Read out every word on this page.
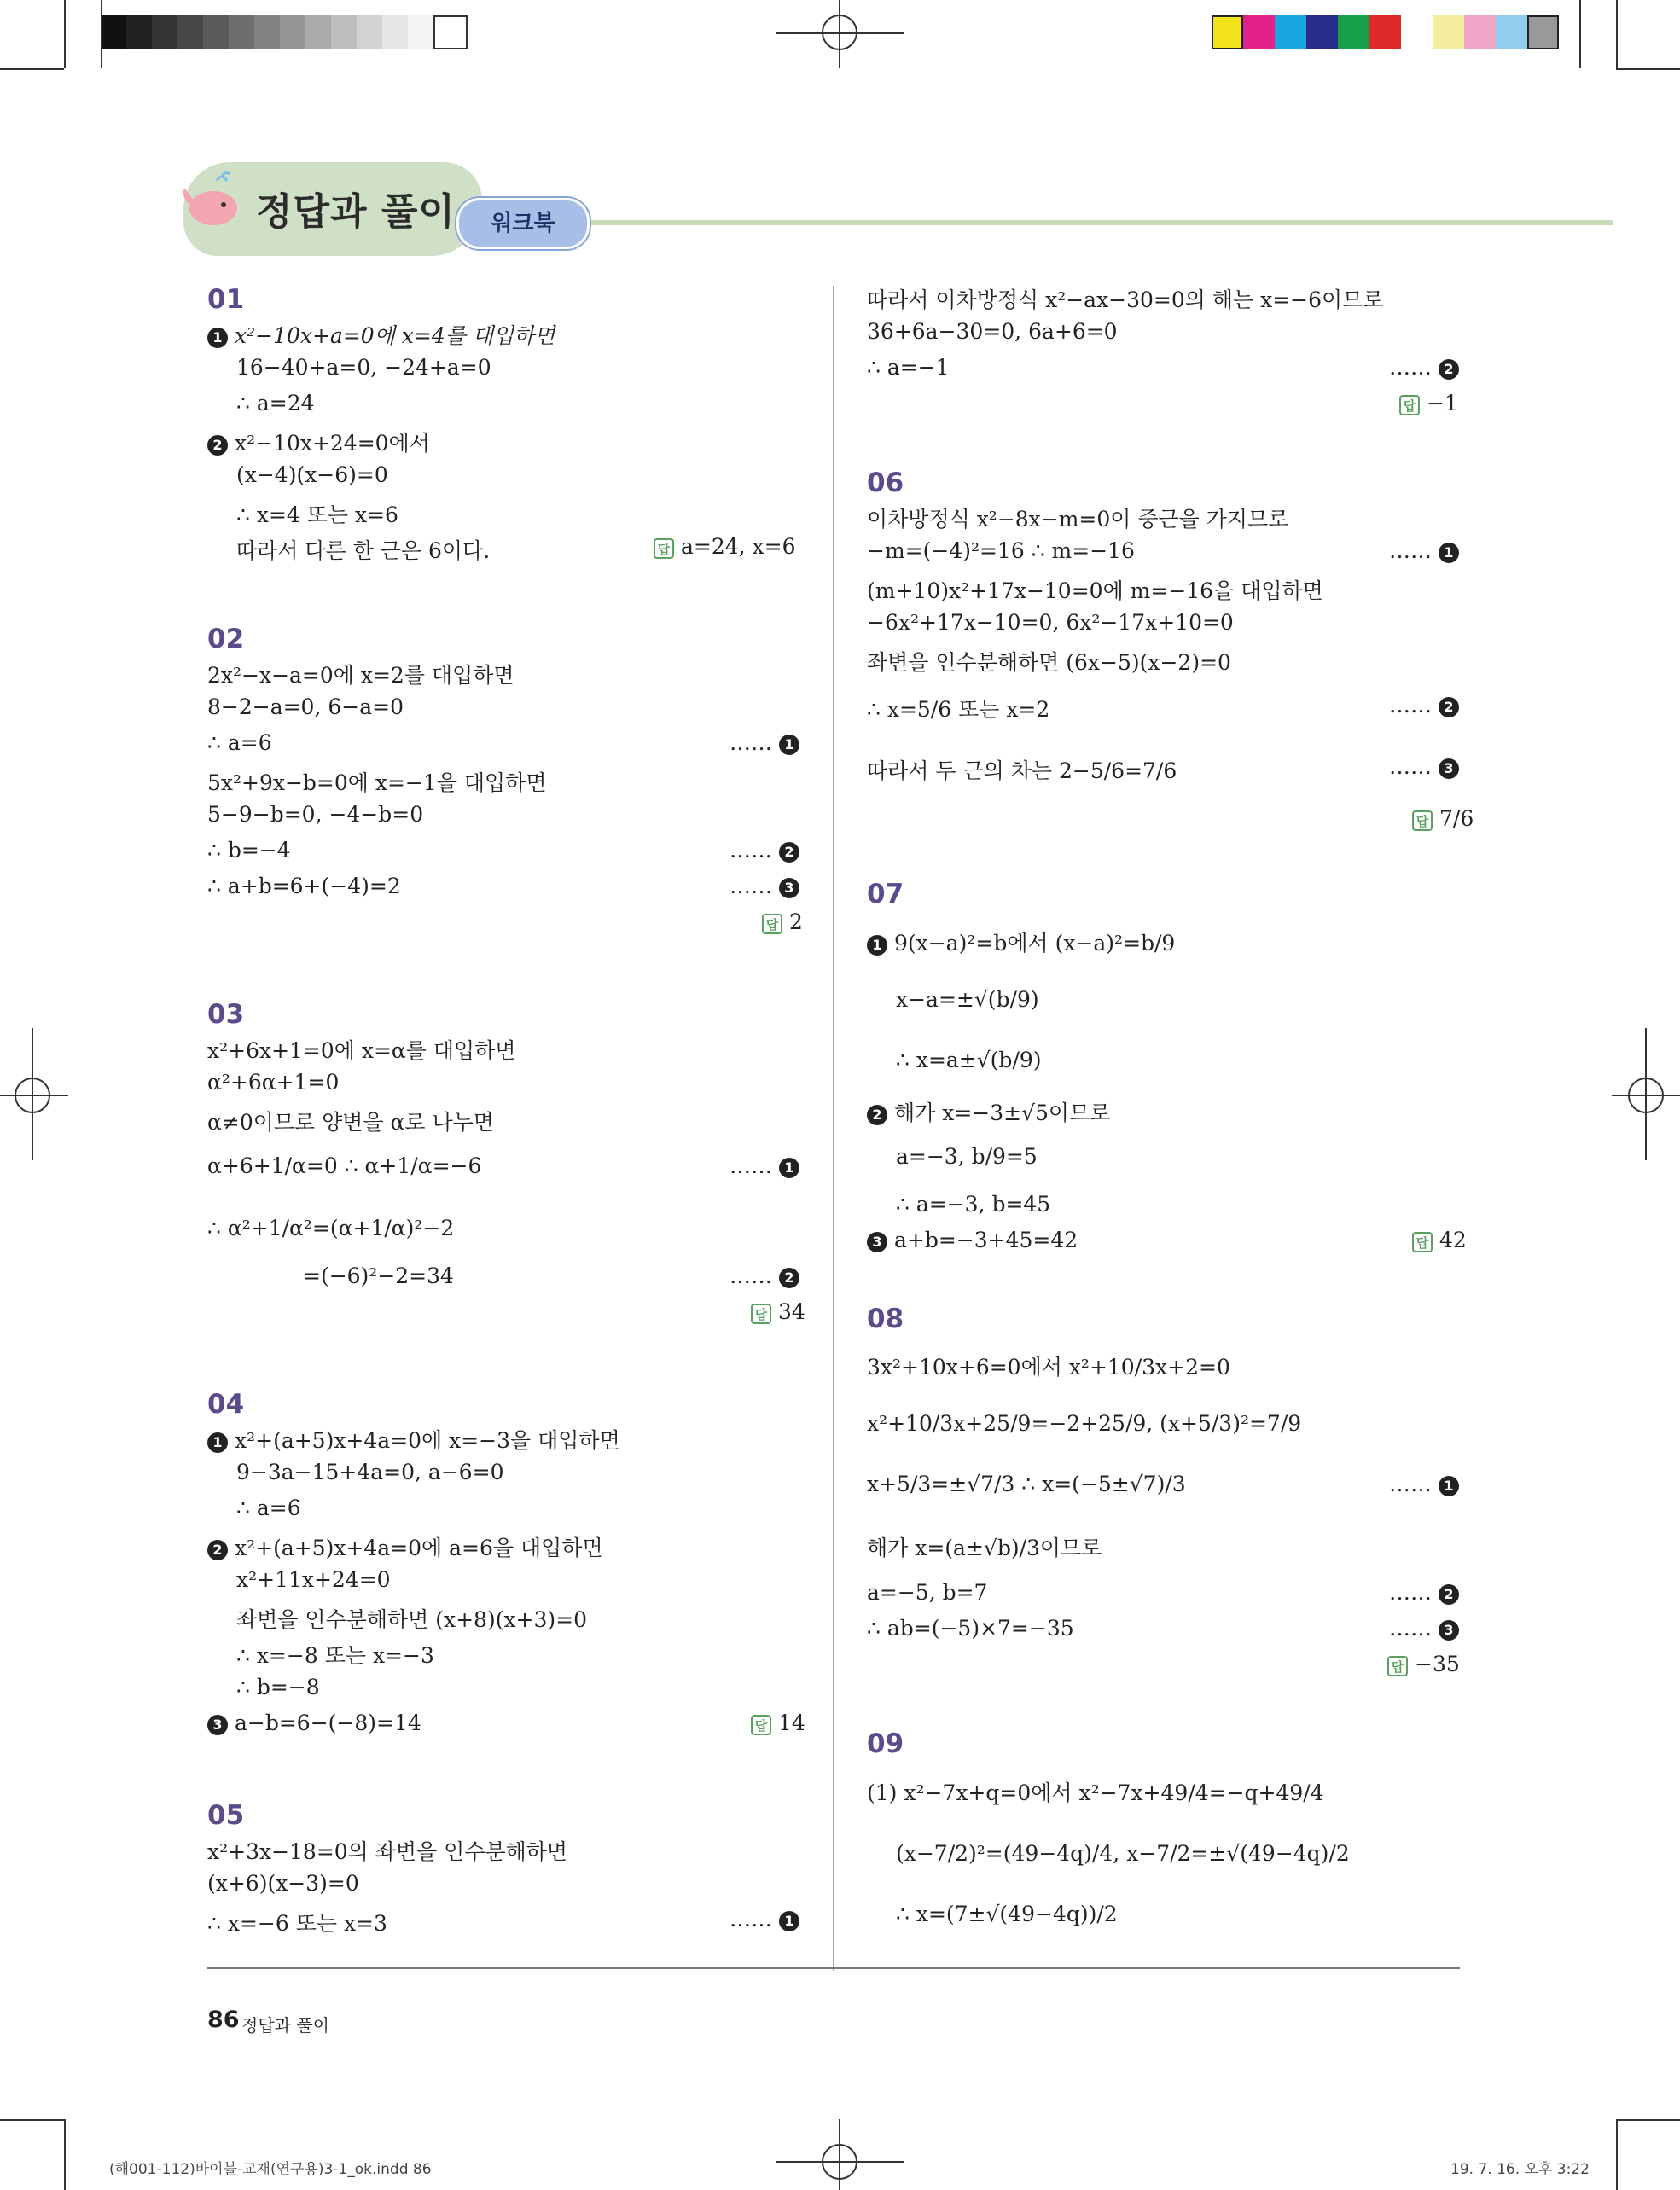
정답과 풀이	워크북
01
1 x²−10x+a=0에 x=4를 대입하면
16−40+a=0, −24+a=0
∴ a=24
2 x²−10x+24=0에서
(x−4)(x−6)=0
∴ x=4 또는 x=6
따라서 다른 한 근은 6이다.	답 a=24, x=6
02
2x²−x−a=0에 x=2를 대입하면
8−2−a=0, 6−a=0
∴ a=6	…… 1
5x²+9x−b=0에 x=−1을 대입하면
5−9−b=0, −4−b=0
∴ b=−4	…… 2
∴ a+b=6+(−4)=2	…… 3
답 2
03
x²+6x+1=0에 x=α를 대입하면
α²+6α+1=0
α≠0이므로 양변을 α로 나누면
α+6+1/α=0 ∴ α+1/α=−6	…… 1
∴ α²+1/α²=(α+1/α)²−2
=(−6)²−2=34	…… 2
답 34
04
1 x²+(a+5)x+4a=0에 x=−3을 대입하면
9−3a−15+4a=0, a−6=0
∴ a=6
2 x²+(a+5)x+4a=0에 a=6을 대입하면
x²+11x+24=0
좌변을 인수분해하면 (x+8)(x+3)=0
∴ x=−8 또는 x=−3
∴ b=−8
3 a−b=6−(−8)=14	답 14
05
x²+3x−18=0의 좌변을 인수분해하면
(x+6)(x−3)=0
∴ x=−6 또는 x=3	…… 1
따라서 이차방정식 x²−ax−30=0의 해는 x=−6이므로
36+6a−30=0, 6a+6=0
∴ a=−1	…… 2
답 −1
06
이차방정식 x²−8x−m=0이 중근을 가지므로
−m=(−4)²=16 ∴ m=−16	…… 1
(m+10)x²+17x−10=0에 m=−16을 대입하면
−6x²+17x−10=0, 6x²−17x+10=0
좌변을 인수분해하면 (6x−5)(x−2)=0
∴ x=5/6 또는 x=2	…… 2
따라서 두 근의 차는 2−5/6=7/6	…… 3
답 7/6
07
1 9(x−a)²=b에서 (x−a)²=b/9
x−a=±√(b/9)
∴ x=a±√(b/9)
2 해가 x=−3±√5이므로
a=−3, b/9=5
∴ a=−3, b=45
3 a+b=−3+45=42	답 42
08
3x²+10x+6=0에서 x²+10/3x+2=0
x²+10/3x+25/9=−2+25/9, (x+5/3)²=7/9
x+5/3=±√7/3 ∴ x=(−5±√7)/3	…… 1
해가 x=(a±√b)/3이므로
a=−5, b=7	…… 2
∴ ab=(−5)×7=−35	…… 3
답 −35
09
(1) x²−7x+q=0에서 x²−7x+49/4=−q+49/4
(x−7/2)²=(49−4q)/4, x−7/2=±√(49−4q)/2
∴ x=(7±√(49−4q))/2
86 정답과 풀이
(해001-112)바이블-교재(연구용)3-1_ok.indd 86	19. 7. 16. 오후 3:22
